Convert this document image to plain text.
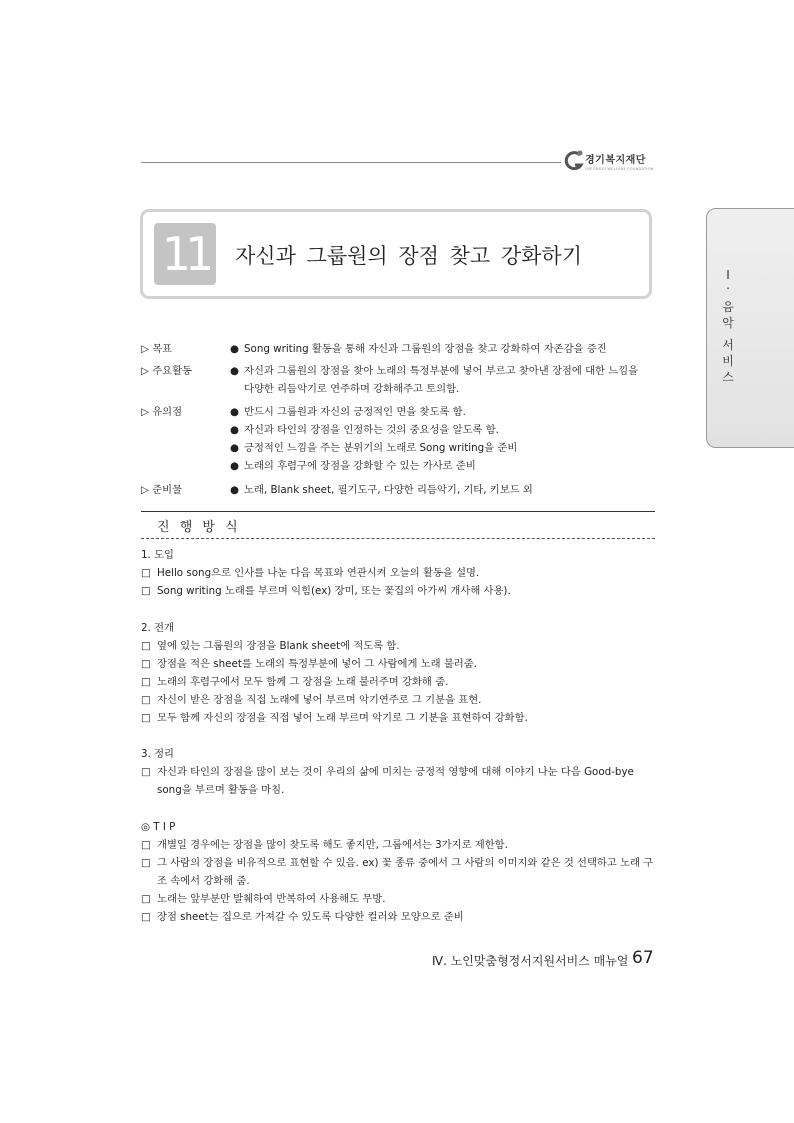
경기복지재단
GYEONGGI WELFARE FOUNDATION
Ⅰ
.
음
악
서
비
스
11	자신과 그룹원의 장점 찾고 강화하기
▷ 목표	● Song writing 활동을 통해 자신과 그룹원의 장점을 찾고 강화하여 자존감을 증진
▷ 주요활동	● 자신과 그룹원의 장점을 찾아 노래의 특정부분에 넣어 부르고 찾아낸 장점에 대한 느낌을
다양한 리듬악기로 연주하며 강화해주고 토의함.
▷ 유의점	● 반드시 그룹원과 자신의 긍정적인 면을 찾도록 함.
● 자신과 타인의 장점을 인정하는 것의 중요성을 알도록 함.
● 긍정적인 느낌을 주는 분위기의 노래로 Song writing을 준비
● 노래의 후렴구에 장점을 강화할 수 있는 가사로 준비
▷ 준비물	● 노래, Blank sheet, 필기도구, 다양한 리듬악기, 기타, 키보드 외
진 행 방 식
1. 도입
□ Hello song으로 인사를 나눈 다음 목표와 연관시켜 오늘의 활동을 설명.
□ Song writing 노래를 부르며 익힘(ex) 장미, 또는 꽃집의 아가씨 개사해 사용).
2. 전개
□ 옆에 있는 그룹원의 장점을 Blank sheet에 적도록 함.
□ 장점을 적은 sheet를 노래의 특정부분에 넣어 그 사람에게 노래 불러줌.
□ 노래의 후렴구에서 모두 함께 그 장점을 노래 불러주며 강화해 줌.
□ 자신이 받은 장점을 직접 노래에 넣어 부르며 악기연주로 그 기분을 표현.
□ 모두 함께 자신의 장점을 직접 넣어 노래 부르며 악기로 그 기분을 표현하여 강화함.
3. 정리
□ 자신과 타인의 장점을 많이 보는 것이 우리의 삶에 미치는 긍정적 영향에 대해 이야기 나눈 다음 Good-bye song을 부르며 활동을 마침.
◎ T I P
□ 개별일 경우에는 장점을 많이 찾도록 해도 좋지만, 그룹에서는 3가지로 제한함.
□ 그 사람의 장점을 비유적으로 표현할 수 있음. ex) 꽃 종류 중에서 그 사람의 이미지와 같은 것 선택하고 노래 구조 속에서 강화해 줌.
□ 노래는 앞부분만 발췌하여 반복하여 사용해도 무방.
□ 장점 sheet는 집으로 가져갈 수 있도록 다양한 컬러와 모양으로 준비
Ⅳ. 노인맞춤형정서지원서비스 매뉴얼 67
